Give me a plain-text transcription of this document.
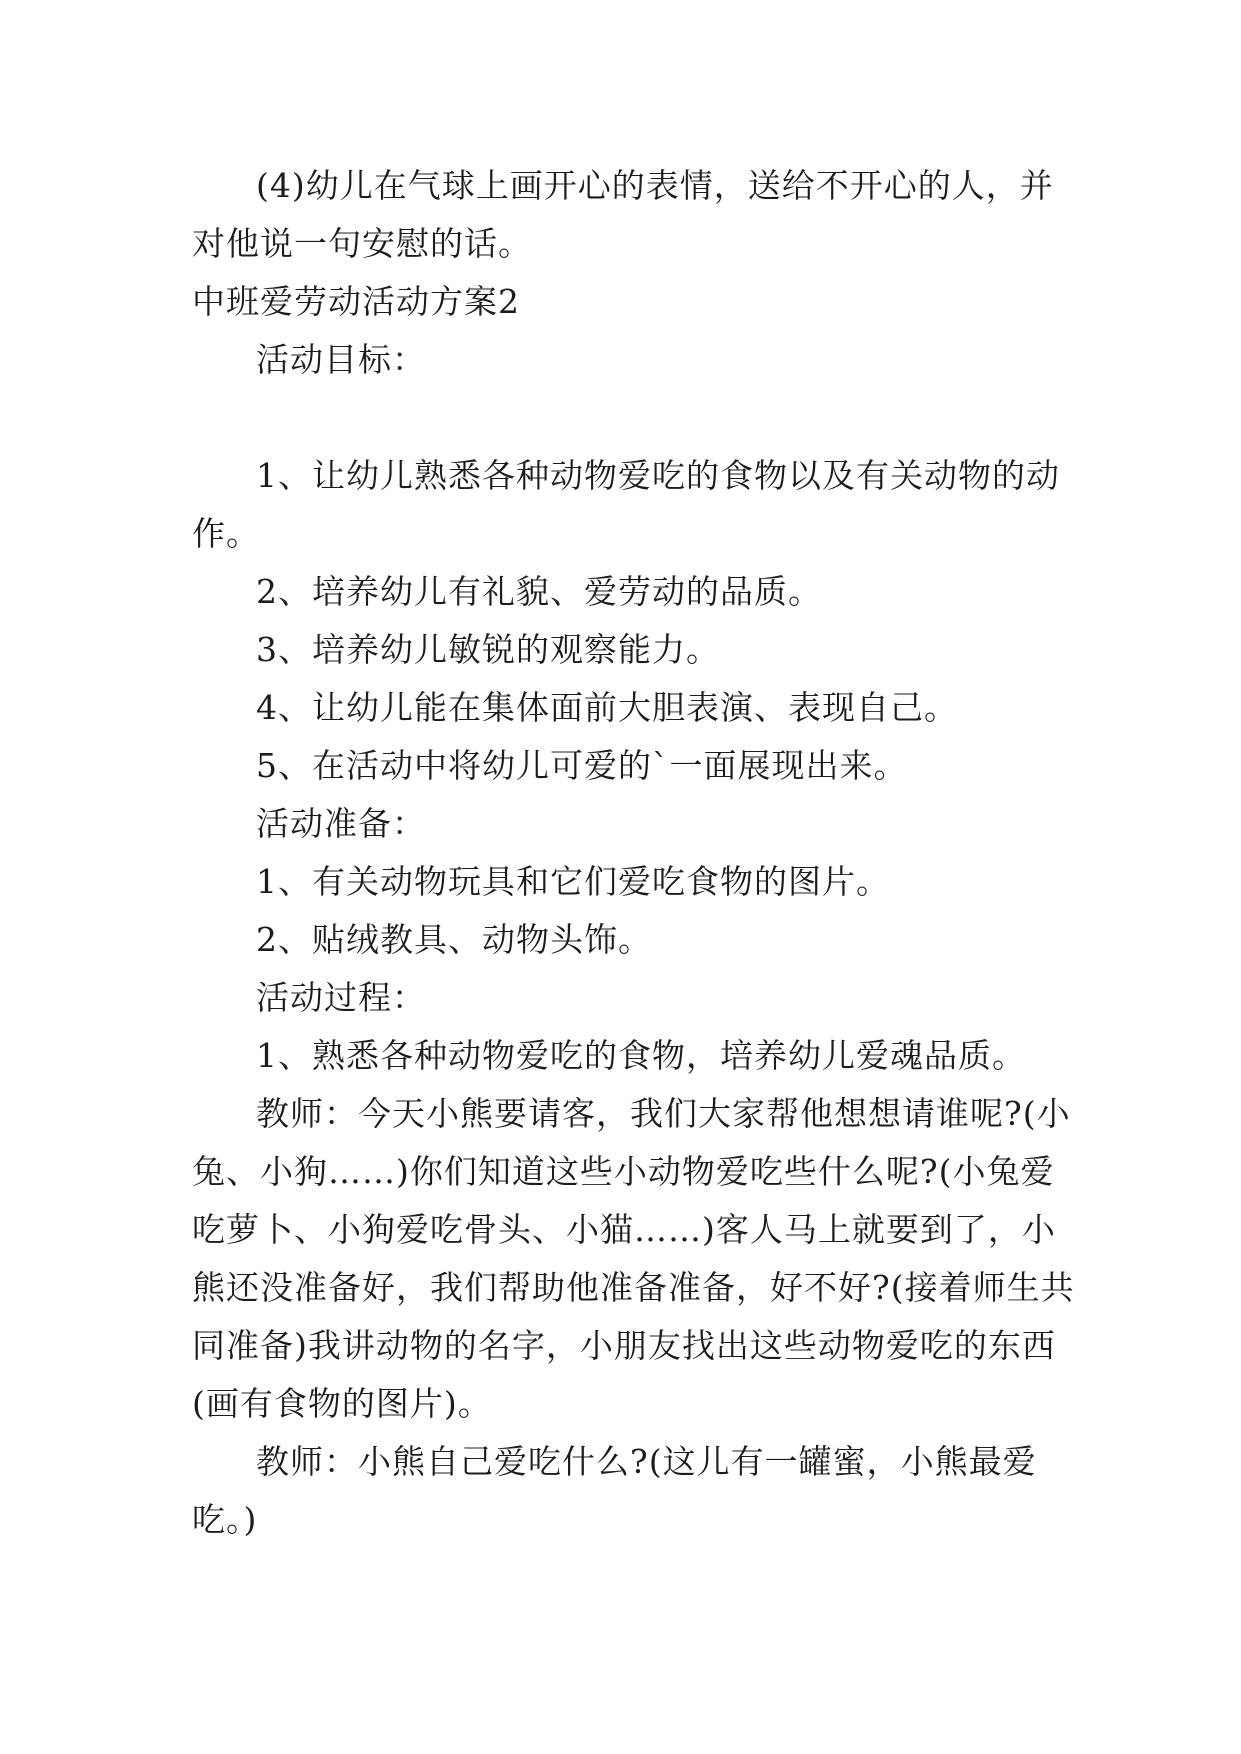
(4)幼儿在气球上画开心的表情，送给不开心的人，并
对他说一句安慰的话。
中班爱劳动活动方案2
活动目标：
1、让幼儿熟悉各种动物爱吃的食物以及有关动物的动
作。
2、培养幼儿有礼貌、爱劳动的品质。
3、培养幼儿敏锐的观察能力。
4、让幼儿能在集体面前大胆表演、表现自己。
5、在活动中将幼儿可爱的`一面展现出来。
活动准备：
1、有关动物玩具和它们爱吃食物的图片。
2、贴绒教具、动物头饰。
活动过程：
1、熟悉各种动物爱吃的食物，培养幼儿爱魂品质。
教师：今天小熊要请客，我们大家帮他想想请谁呢?(小
兔、小狗……)你们知道这些小动物爱吃些什么呢?(小兔爱
吃萝卜、小狗爱吃骨头、小猫……)客人马上就要到了，小
熊还没准备好，我们帮助他准备准备，好不好?(接着师生共
同准备)我讲动物的名字，小朋友找出这些动物爱吃的东西
(画有食物的图片)。
教师：小熊自己爱吃什么?(这儿有一罐蜜，小熊最爱
吃。)
